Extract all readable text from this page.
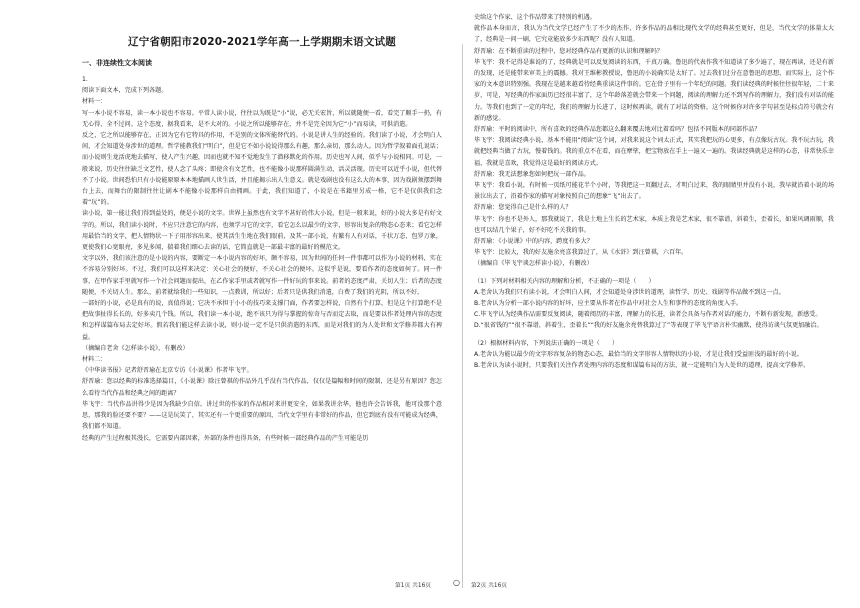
辽宁省朝阳市2020-2021学年高一上学期期末语文试题
一、非连续性文本阅读

1.

阅读下面文本，完成下列各题。

材料一：

写一本小说不容易，读一本小说也不容易。平常人读小说，往往以为既是“小”说，必无关宏旨，所以就随便一看，看完了顺手一扔，有无心得，全不过问。这个态度，据我看来，是不大对的。小说之所以能够存在，并不是完全因为它“小”而易读，可供消遣。

反之，它之所以能够存在，正因为它有它特具的作用，不是别的文体所能替代的。小说是讲人生的经验的。我们读了小说，才会明白人间，才会知道处身涉世的道理。哲学能教我们“明白”，但是它不如小说说得那么有趣，那么亲切，那么动人。因为哲学叙着面孔说话；而小说则生龙活虎地去描写，使人产生兴趣，因而也就不知不觉地发生了潜移默化的作用。历史也写人间，似乎与小说相同。可是，一般来说，历史往往缺乏文艺性，使人念了头疼；即使含有文艺性，也不能像小说那样圆满生动，活灵活现。历史可以近乎小说，但代替不了小说。世间恐怕只有小说能原原本本地描画人世生活，并且能揭示出人生意义。就是戏剧也没有这么大的本事，因为戏剧须摆到舞台上去，而舞台的限制往往让剧本不能像小说那样自由拥画。于此，我们知道了，小说是在书籍里另成一格，它不是仅供我们念着“玩”的。

读小说，第一能让我们得到益处的，便是小说的文字。世界上虽然也有文字不甚好的伟大小说，但是一般来说，好的小说大多是有好文字的。所以，我们读小说时，不应只注意它的内容，也须学习它的文字，看它怎么以最少的文字，形容出复杂的物态心态来；看它怎样用最恰当的文字，把人情物状一下子用形容出来，使其活生生地在我们眼前，及其一部小说，有繁有人有对话，千状万态，包罗万象，更使我们心宽眼亮，多见多闻，揣着我们细心去读的话，它简直就是一部最丰富的最好的模范文。

文字以外，我们该注意的是小说的内容，要断定一本小说内容的好坏，颇不容易，因为世间的任何一件事都可以作为小说的材料，实在不容易分别好坏。不过，我们可以这样来决定：关心社会的便好，不关心社会的便坏。这似乎是说，要看作者的态度如何了。同一件事，在甲作家手里就写作一个社会问题而提出，在乙作家手里或者就写作一件好玩的事来说。前者的态度严肃，关切人生；后者的态度随便，不关切人生。那么，前者就给我们一些知识，一点教训，所以好；后者只是供我们消遣，白费了我们的光阴，所以不好。

一部好的小说，必是真有的说，真值得说；它决不承担于小小的技巧来支撑门面，作者要怎样说，自然有个打算，但是这个打算绝不是把故事扯得长长的，好多卖几个钱。所以，我们读一本小说，绝不该只为得与掌握的惊奇与否而定去取，而是要以作者处理内容的态度和怎样谋篇布局去定好坏。假若我们能这样去读小说，则小说一定不是只供消遣的东西，而是对我们的为人处世和文学修养都大有裨益。

（摘编自老舍《怎样读小说》，有删改）

材料二：

《中华读书报》记者舒晋瑜在北京专访《小说课》作者毕飞宇。

舒晋瑜：您以经典的标准选择篇目，《小说课》除汪曾祺的作品外几乎没有当代作品，仅仅是篇幅和时间的限制，还是另有原因？您怎么看待当代作品和经典之间的距离？

毕飞宇：当代作品讲得少是因为我缺少自信。讲过世的作家的作品相对来讲更安全，如果我讲余华，他也许会告诉我，他可没那个意思，那我的脸还要不要？——这是玩笑了，其实还有一个更重要的原因，当代文学里有非常好的作品，但它到底有没有可能成为经典，我们都不知道。

经典的产生过程极其漫长，它需要内部因素，外部的条件也得具备，有些时候一部经典作品的产生可能是历

史给这个作家、这个作品带来了特别的机遇。

就作品本身而言，我认为当代文学已经产生了不少的杰作，许多作品的品相比现代文学的经典甚至更好，但是，当代文学的体量太大了，经典是一问一刷，它究竟能放多少东西呢？没有人知道。

舒晋瑜：在不断重读的过程中，您对经典作品有更新的认识和理解吗？

毕飞宇：我不记得是谁说的了，经典就是可以反复阅读的东西，千真万确。鲁迅的代表作我不知道读了多少遍了，现在再读，还是有新的发现，还是能带来审美上的震撼。我对王维彬教授说，鲁迅的小说确实是太好了。过去我们过分在意鲁迅的思想，而实际上，这个作家的文本意识特别强。我现在是越来越看待经典重读这件事的。它在骨子里有一个年纪的问题。我们读经典的时候往往很年轻，二十来岁，可是，写经典的作家面历已经很丰富了，这个年龄落差就会带来一个问题，阅读的理解力还不到写作的理解力，我们没有对话的能力。等我们也到了一定的年纪，我们的理解力长进了，这时候再读，就有了对话的资格。这个时候你对许多字句甚至是标点符号就会有新的感觉。

舒晋瑜：平时的阅读中，所有喜欢的经典作品您都这么翻来覆去地对比着看吗？包括不同版本的同部作品？

毕飞宇：我阅读经典小说，基本不能用“阅读”这个词，对我来说这个词太正式，其实我把玩的心更多，有点像玩古玩。我不玩古玩，我就把经典当做了古玩，慢着钱的。我的重点不在看，而在摩挲，把宝物放在手上一遍又一遍的。我读经典就是这样的心态，非常快乐幸福，我就是喜欢，我觉得这是最好的阅读方式。

舒晋瑜：我无法想象您如何把玩一部作品。

毕飞宇：我看小说，有时候一页纸可能花半个小时，等我把这一页翻过去，才明白过来，我的眼睛里并没有小说，我早就沿着小说的场景泣出去了，沿着作家的描写对象按照自己的想象“飞”出去了。

舒晋瑜：您觉得自己是什么样的人？

毕飞宇：你也不是外人，那我就说了，我是土地上生长的艺术家，本质上我是艺术家，很不靠谱，斜着生，歪着长，如果风调雨顺，我也可以结几个果子，好不好吃不关我的事。

舒晋瑜：《小说课》中的内容，跨度有多大？

毕飞宇：比较大，我的好友施余亮喜我算过了，从《水浒》到汪曾祺，六百年。

（摘编自《毕飞宇谈怎样读小说》，有删改）

（1）下列对材料相关内容的理解和分析，不正确的一项是（　　）

A.老舍认为我们只有读小说，才会明白人间，才会知道处身涉世的道理，读哲学、历史、戏剧等作品做不到这一点。

B.老舍认为分析一部小说内容的好坏，应主要从作者在作品中对社会人生和事件的态度的角度入手。

C.毕飞宇认为经典作品需要反复阅读，随着阅历的丰富，理解力的长进，读者会具备与作者对话的能力，不断有新发现，新感受。

D.“很省钱的”“很不靠谱，斜着生，歪着长”“我的好友施余亮替我算过了”等表现了毕飞宇语言朴实幽默，使得访谈气氛更加融洽。

（2）根据材料内容，下列说法正确的一项是（　　）

A.老舍认为能以最少的文字形容复杂的物态心态，最恰当的文字形容人情物状的小说，才是让我们受益匪浅的最好的小说。

B.老舍认为读小说时，只要我们关注作者处理内容的态度和谋篇布局的方法，就一定能明白为人处世的道理，提高文学修养。

第1页 共16页	○ 第2页 共16页
